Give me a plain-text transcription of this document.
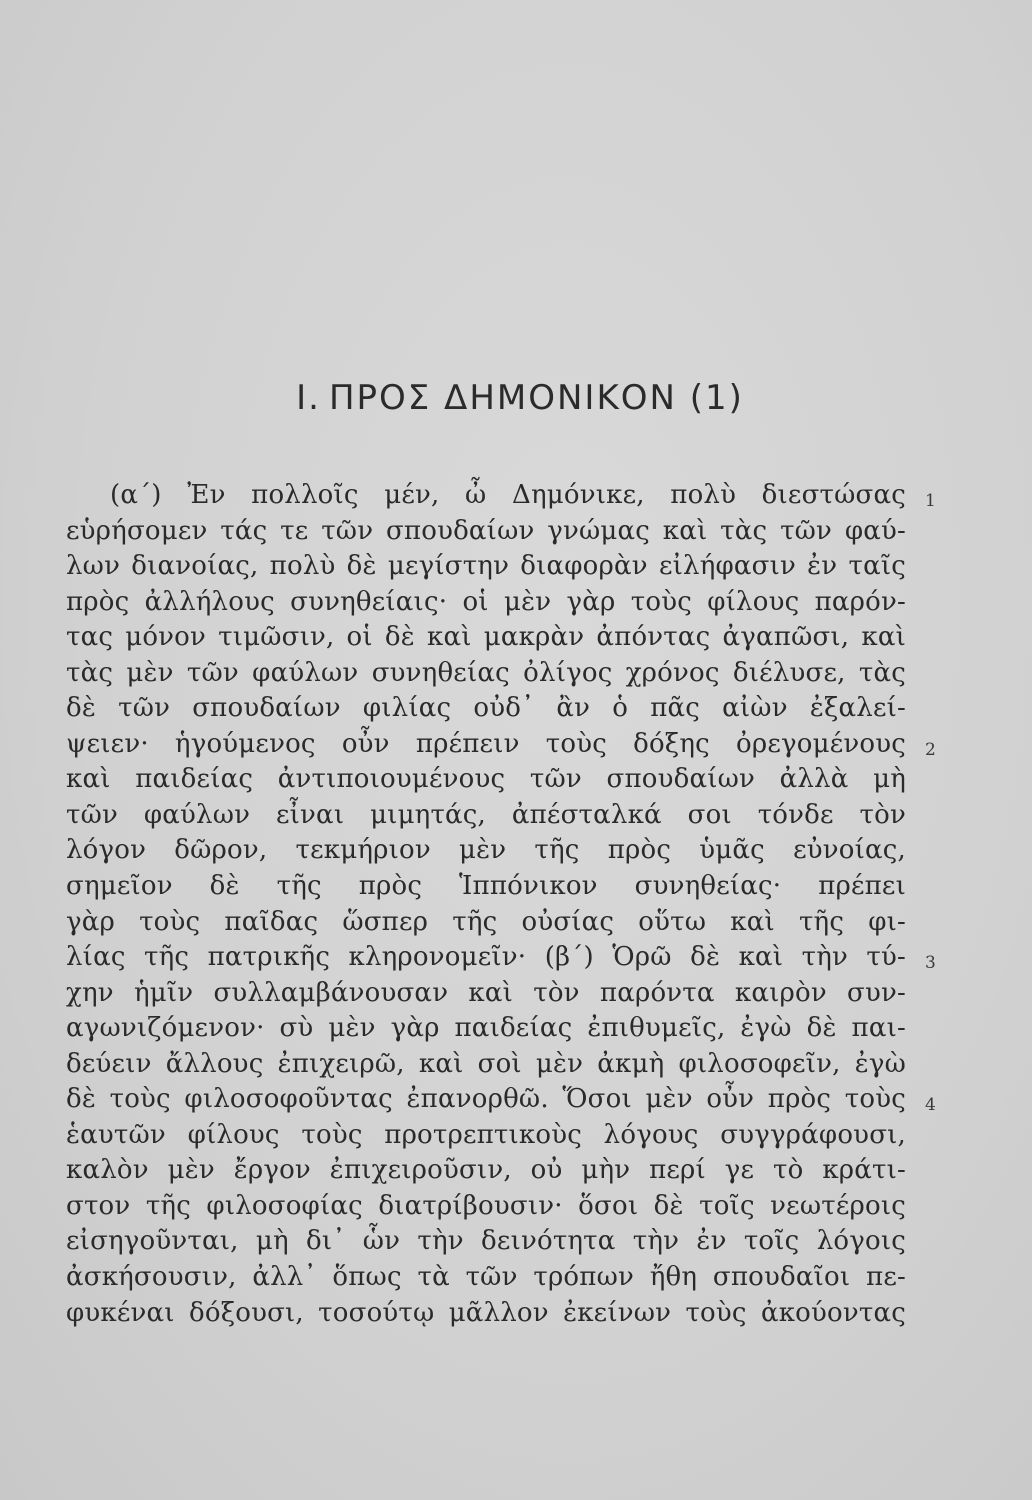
Ι. ΠΡΟΣ ΔΗΜΟΝΙΚΟΝ (1)
(α΄) Ἐν πολλοῖς μέν, ὦ Δημόνικε, πολὺ διεστώσας
εὑρήσομεν τάς τε τῶν σπουδαίων γνώμας καὶ τὰς τῶν φαύ-
λων διανοίας, πολὺ δὲ μεγίστην διαφορὰν εἰλήφασιν ἐν ταῖς
πρὸς ἀλλήλους συνηθείαις· οἱ μὲν γὰρ τοὺς φίλους παρόν-
τας μόνον τιμῶσιν, οἱ δὲ καὶ μακρὰν ἀπόντας ἀγαπῶσι, καὶ
τὰς μὲν τῶν φαύλων συνηθείας ὀλίγος χρόνος διέλυσε, τὰς
δὲ τῶν σπουδαίων φιλίας οὐδ᾿ ἂν ὁ πᾶς αἰὼν ἐξαλεί-
ψειεν· ἡγούμενος οὖν πρέπειν τοὺς δόξης ὀρεγομένους
καὶ παιδείας ἀντιποιουμένους τῶν σπουδαίων ἀλλὰ μὴ
τῶν φαύλων εἶναι μιμητάς, ἀπέσταλκά σοι τόνδε τὸν
λόγον δῶρον, τεκμήριον μὲν τῆς πρὸς ὑμᾶς εὐνοίας,
σημεῖον δὲ τῆς πρὸς Ἱππόνικον συνηθείας· πρέπει
γὰρ τοὺς παῖδας ὥσπερ τῆς οὐσίας οὕτω καὶ τῆς φι-
λίας τῆς πατρικῆς κληρονομεῖν· (β΄) Ὁρῶ δὲ καὶ τὴν τύ-
χην ἡμῖν συλλαμβάνουσαν καὶ τὸν παρόντα καιρὸν συν-
αγωνιζόμενον· σὺ μὲν γὰρ παιδείας ἐπιθυμεῖς, ἐγὼ δὲ παι-
δεύειν ἄλλους ἐπιχειρῶ, καὶ σοὶ μὲν ἀκμὴ φιλοσοφεῖν, ἐγὼ
δὲ τοὺς φιλοσοφοῦντας ἐπανορθῶ. Ὅσοι μὲν οὖν πρὸς τοὺς
ἑαυτῶν φίλους τοὺς προτρεπτικοὺς λόγους συγγράφουσι,
καλὸν μὲν ἔργον ἐπιχειροῦσιν, οὐ μὴν περί γε τὸ κράτι-
στον τῆς φιλοσοφίας διατρίβουσιν· ὅσοι δὲ τοῖς νεωτέροις
εἰσηγοῦνται, μὴ δι᾿ ὧν τὴν δεινότητα τὴν ἐν τοῖς λόγοις
ἀσκήσουσιν, ἀλλ᾿ ὅπως τὰ τῶν τρόπων ἤθη σπουδαῖοι πε-
φυκέναι δόξουσι, τοσούτῳ μᾶλλον ἐκείνων τοὺς ἀκούοντας
1
2
3
4
